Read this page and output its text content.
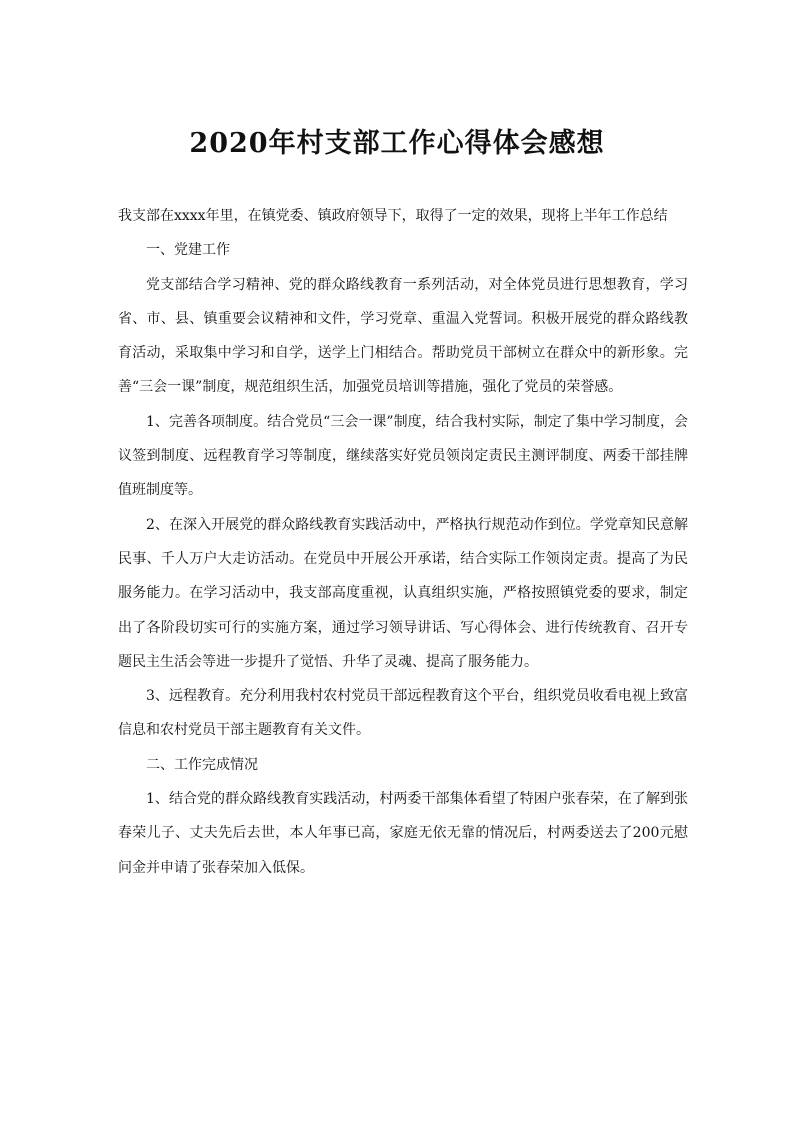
2020年村支部工作心得体会感想

我支部在xxxx年里，在镇党委、镇政府领导下，取得了一定的效果，现将上半年工作总结

一、党建工作

党支部结合学习精神、党的群众路线教育一系列活动，对全体党员进行思想教育，学习省、市、县、镇重要会议精神和文件，学习党章、重温入党誓词。积极开展党的群众路线教育活动，采取集中学习和自学，送学上门相结合。帮助党员干部树立在群众中的新形象。完善“三会一课”制度，规范组织生活，加强党员培训等措施，强化了党员的荣誉感。

1、完善各项制度。结合党员“三会一课”制度，结合我村实际，制定了集中学习制度，会议签到制度、远程教育学习等制度，继续落实好党员领岗定责民主测评制度、两委干部挂牌值班制度等。

2、在深入开展党的群众路线教育实践活动中，严格执行规范动作到位。学党章知民意解民事、千人万户大走访活动。在党员中开展公开承诺，结合实际工作领岗定责。提高了为民服务能力。在学习活动中，我支部高度重视，认真组织实施，严格按照镇党委的要求，制定出了各阶段切实可行的实施方案，通过学习领导讲话、写心得体会、进行传统教育、召开专题民主生活会等进一步提升了觉悟、升华了灵魂、提高了服务能力。

3、远程教育。充分利用我村农村党员干部远程教育这个平台，组织党员收看电视上致富信息和农村党员干部主题教育有关文件。

二、工作完成情况

1、结合党的群众路线教育实践活动，村两委干部集体看望了特困户张春荣，在了解到张春荣儿子、丈夫先后去世，本人年事已高，家庭无依无靠的情况后，村两委送去了200元慰问金并申请了张春荣加入低保。
